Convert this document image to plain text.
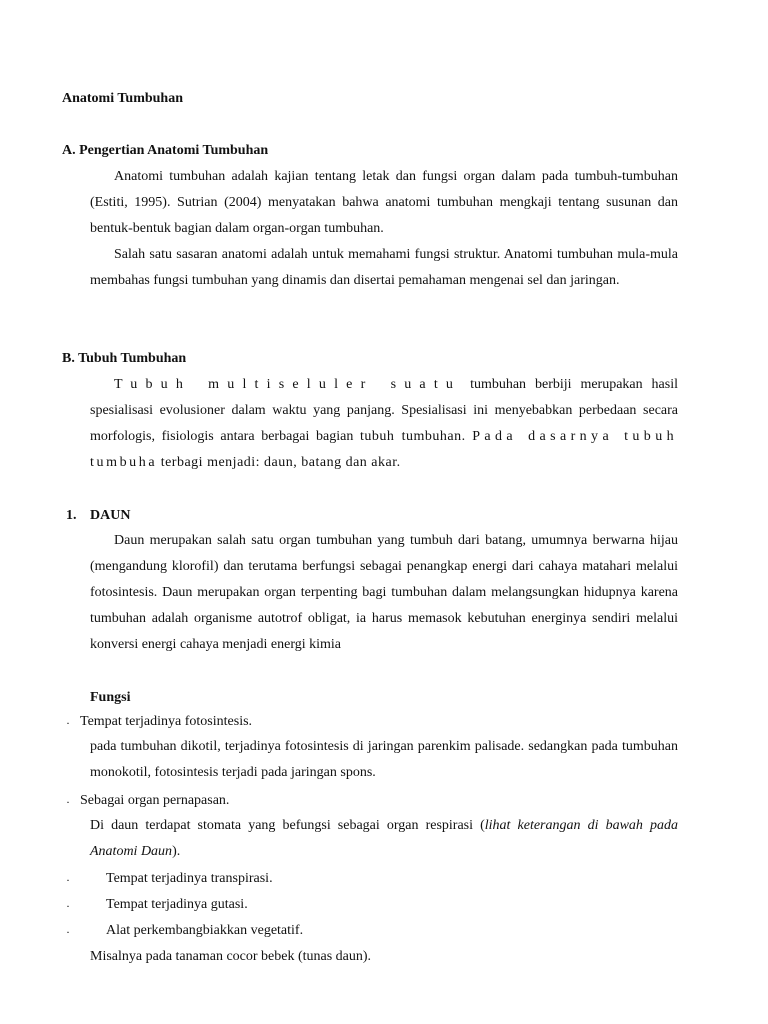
Anatomi Tumbuhan
A. Pengertian Anatomi Tumbuhan
Anatomi tumbuhan adalah kajian tentang letak dan fungsi organ dalam pada tumbuh-tumbuhan (Estiti, 1995). Sutrian (2004) menyatakan bahwa anatomi tumbuhan mengkaji tentang susunan dan bentuk-bentuk bagian dalam organ-organ tumbuhan.
Salah satu sasaran anatomi adalah untuk memahami fungsi struktur. Anatomi tumbuhan mula-mula membahas fungsi tumbuhan yang dinamis dan disertai pemahaman mengenai sel dan jaringan.
B. Tubuh Tumbuhan
Tubuh multiseluler suatu tumbuhan berbiji merupakan hasil spesialisasi evolusioner dalam waktu yang panjang. Spesialisasi ini menyebabkan perbedaan secara morfologis, fisiologis antara berbagai bagian tubuh tumbuhan. Pada dasarnya tubuh tumbuha terbagi menjadi: daun, batang dan akar.
1. DAUN
Daun merupakan salah satu organ tumbuhan yang tumbuh dari batang, umumnya berwarna hijau (mengandung klorofil) dan terutama berfungsi sebagai penangkap energi dari cahaya matahari melalui fotosintesis. Daun merupakan organ terpenting bagi tumbuhan dalam melangsungkan hidupnya karena tumbuhan adalah organisme autotrof obligat, ia harus memasok kebutuhan energinya sendiri melalui konversi energi cahaya menjadi energi kimia
Fungsi
· Tempat terjadinya fotosintesis.
pada tumbuhan dikotil, terjadinya fotosintesis di jaringan parenkim palisade. sedangkan pada tumbuhan monokotil, fotosintesis terjadi pada jaringan spons.
· Sebagai organ pernapasan.
Di daun terdapat stomata yang befungsi sebagai organ respirasi (lihat keterangan di bawah pada Anatomi Daun).
·	Tempat terjadinya transpirasi.
·	Tempat terjadinya gutasi.
·	Alat perkembangbiakkan vegetatif.
Misalnya pada tanaman cocor bebek (tunas daun).
